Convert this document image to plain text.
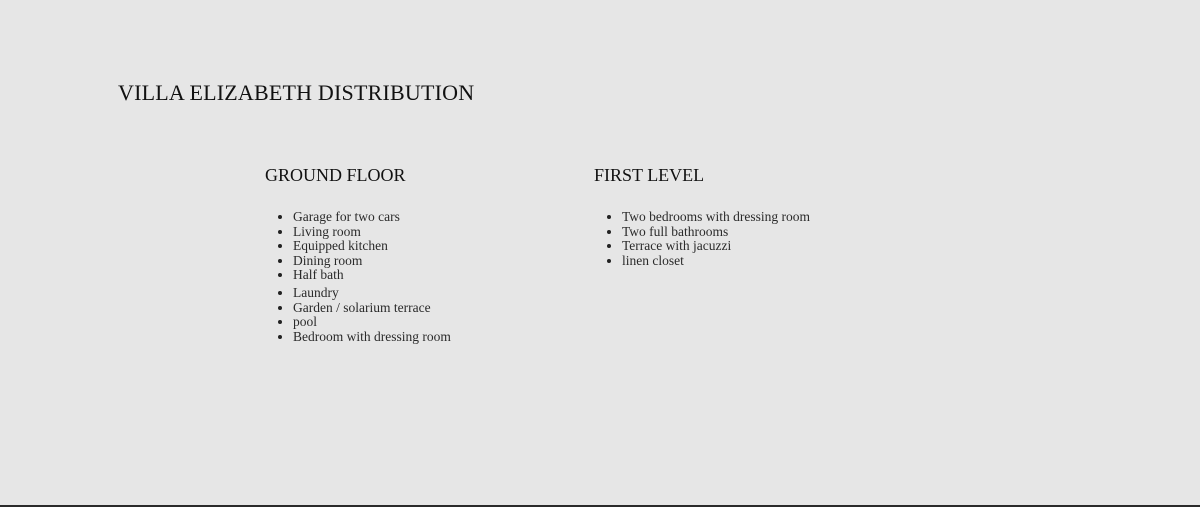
VILLA ELIZABETH DISTRIBUTION
GROUND FLOOR
Garage for two cars
Living room
Equipped kitchen
Dining room
Half bath
Laundry
Garden / solarium terrace
pool
Bedroom with dressing room
FIRST LEVEL
Two bedrooms with dressing room
Two full bathrooms
Terrace with jacuzzi
linen closet
